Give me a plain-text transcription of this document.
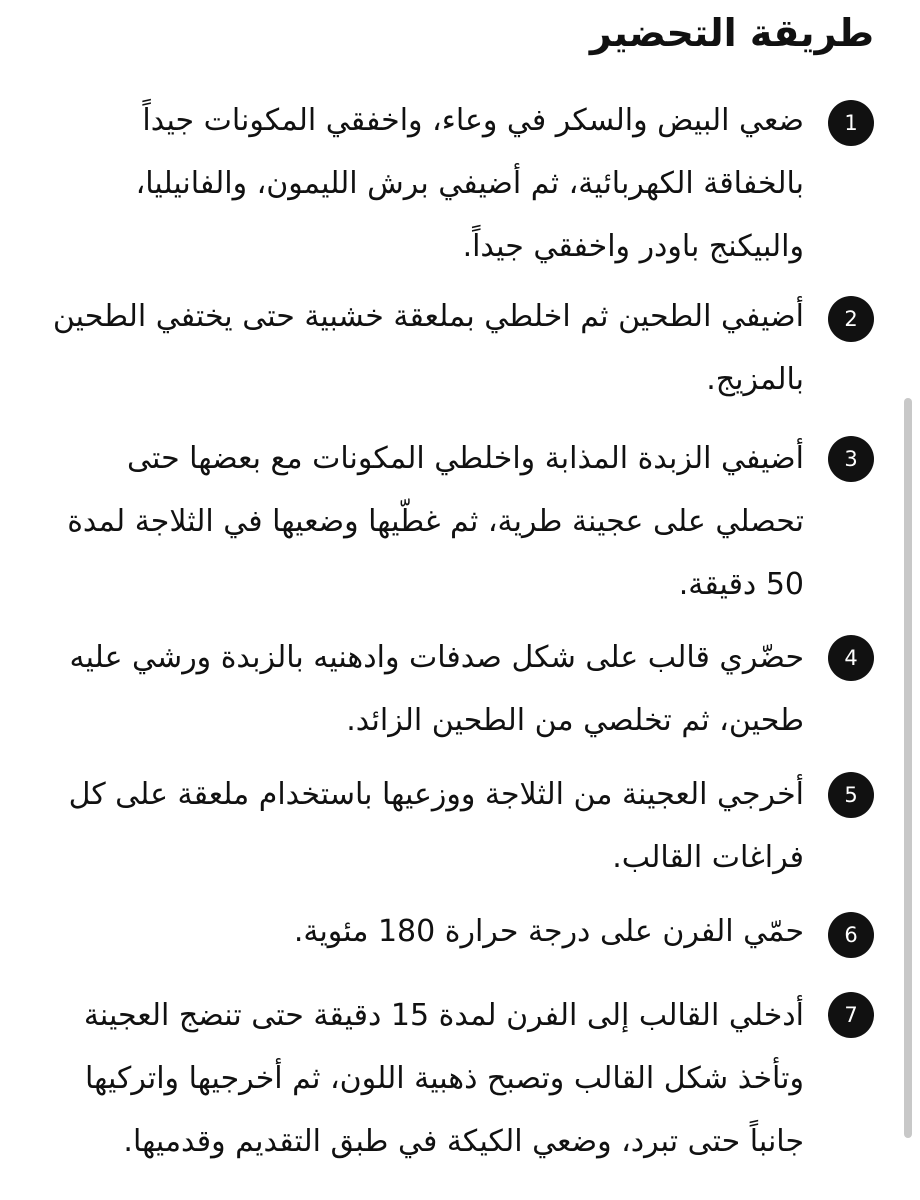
طريقة التحضير
1

ضعي البيض والسكر في وعاء، واخفقي المكونات جيداً بالخفاقة الكهربائية، ثم أضيفي برش الليمون، والفانيليا، والبيكنج باودر واخفقي جيداً.

2

أضيفي الطحين ثم اخلطي بملعقة خشبية حتى يختفي الطحين بالمزيج.

3

أضيفي الزبدة المذابة واخلطي المكونات مع بعضها حتى تحصلي على عجينة طرية، ثم غطّيها وضعيها في الثلاجة لمدة 50 دقيقة.

4

حضّري قالب على شكل صدفات وادهنيه بالزبدة ورشي عليه طحين، ثم تخلصي من الطحين الزائد.

5

أخرجي العجينة من الثلاجة ووزعيها باستخدام ملعقة على كل فراغات القالب.

6

حمّي الفرن على درجة حرارة 180 مئوية.

7

أدخلي القالب إلى الفرن لمدة 15 دقيقة حتى تنضج العجينة وتأخذ شكل القالب وتصبح ذهبية اللون، ثم أخرجيها واتركيها جانباً حتى تبرد، وضعي الكيكة في طبق التقديم وقدميها.
